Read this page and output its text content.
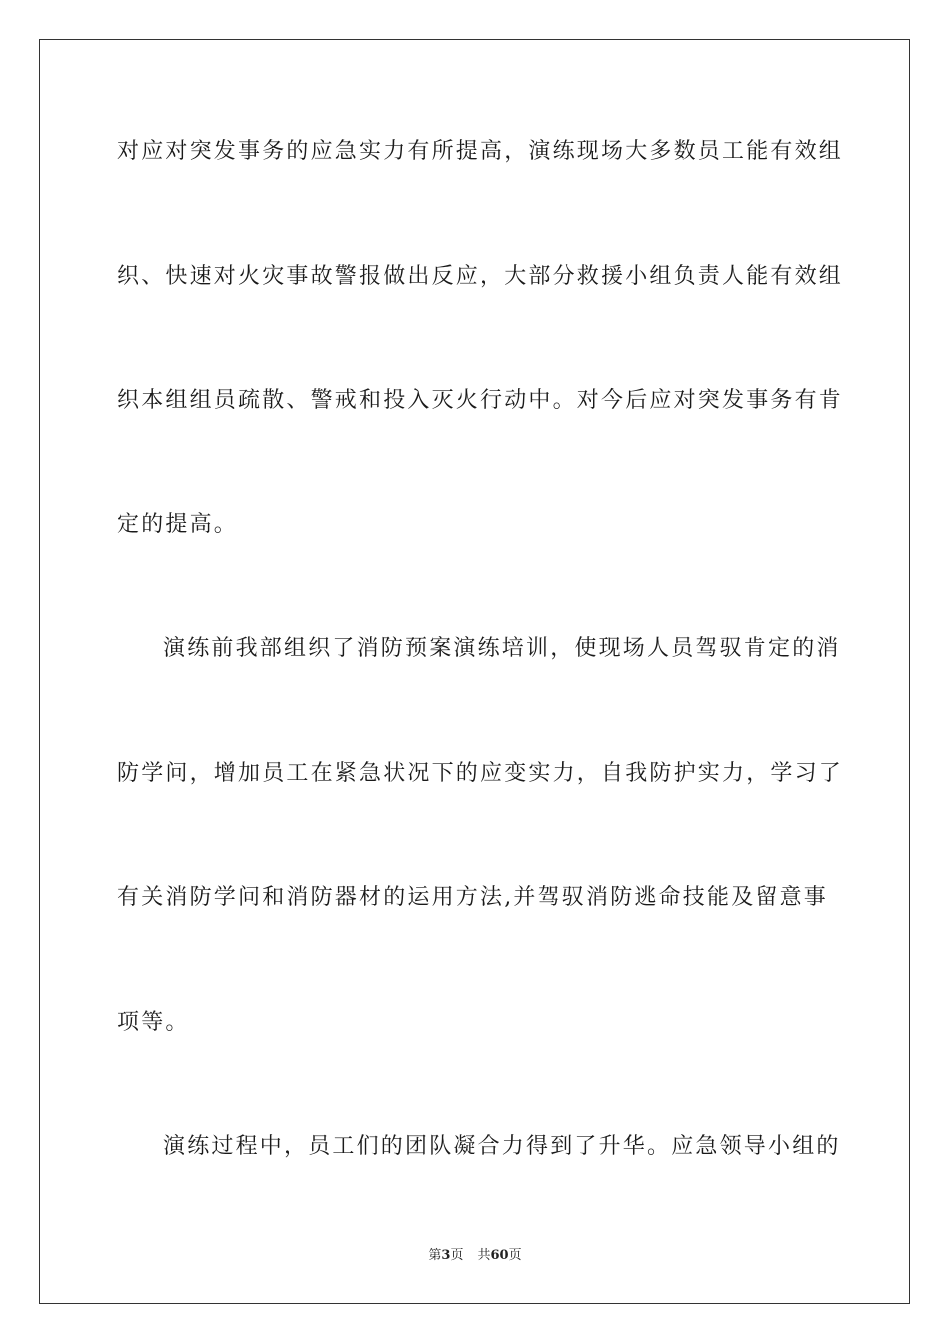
对应对突发事务的应急实力有所提高，演练现场大多数员工能有效组
织、快速对火灾事故警报做出反应，大部分救援小组负责人能有效组
织本组组员疏散、警戒和投入灭火行动中。对今后应对突发事务有肯
定的提高。
演练前我部组织了消防预案演练培训，使现场人员驾驭肯定的消
防学问，增加员工在紧急状况下的应变实力，自我防护实力，学习了
有关消防学问和消防器材的运用方法,并驾驭消防逃命技能及留意事
项等。
演练过程中，员工们的团队凝合力得到了升华。应急领导小组的
第3页 共60页
